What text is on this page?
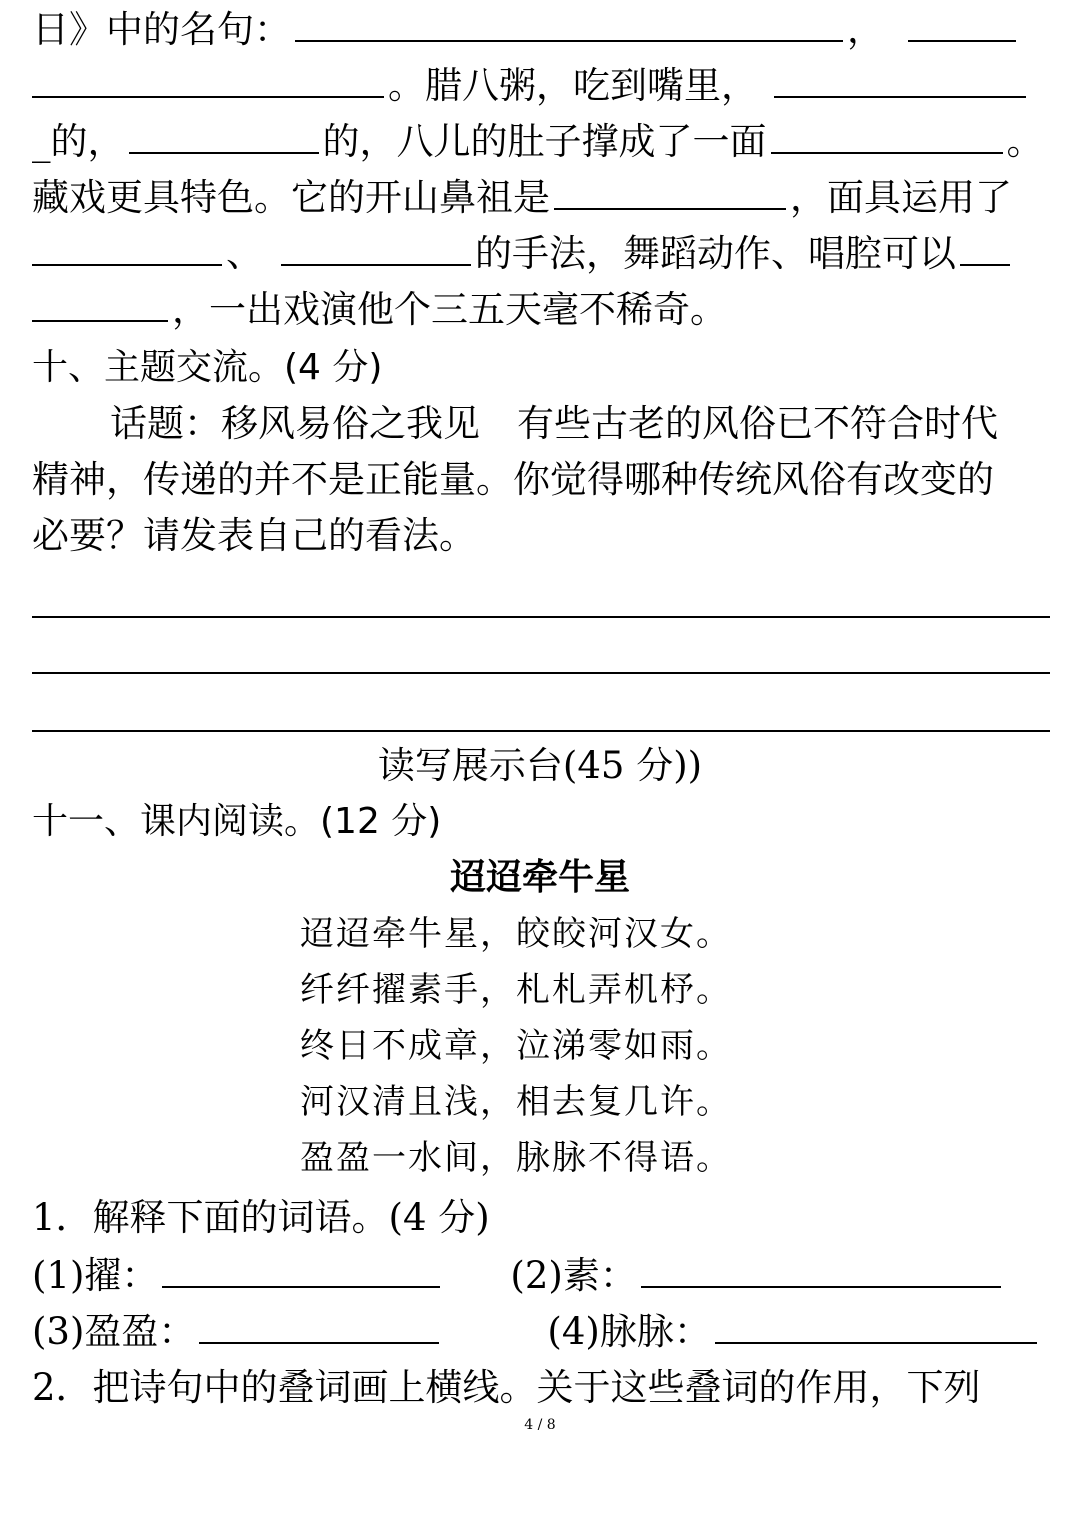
日》中的名句：	，
。腊八粥，吃到嘴里，
_的，	的，八儿的肚子撑成了一面	。
藏戏更具特色。它的开山鼻祖是	，面具运用了
、	的手法，舞蹈动作、唱腔可以
，一出戏演他个三五天毫不稀奇。
十、主题交流。(4 分)
话题：移风易俗之我见　有些古老的风俗已不符合时代
精神，传递的并不是正能量。你觉得哪种传统风俗有改变的
必要？请发表自己的看法。
读写展示台(45 分))
十一、课内阅读。(12 分)
迢迢牵牛星
迢迢牵牛星，皎皎河汉女。
纤纤擢素手，札札弄机杼。
终日不成章，泣涕零如雨。
河汉清且浅，相去复几许。
盈盈一水间，脉脉不得语。
1．解释下面的词语。(4 分)
(1)擢：	(2)素：
(3)盈盈：	(4)脉脉：
2．把诗句中的叠词画上横线。关于这些叠词的作用，下列
4 / 8
